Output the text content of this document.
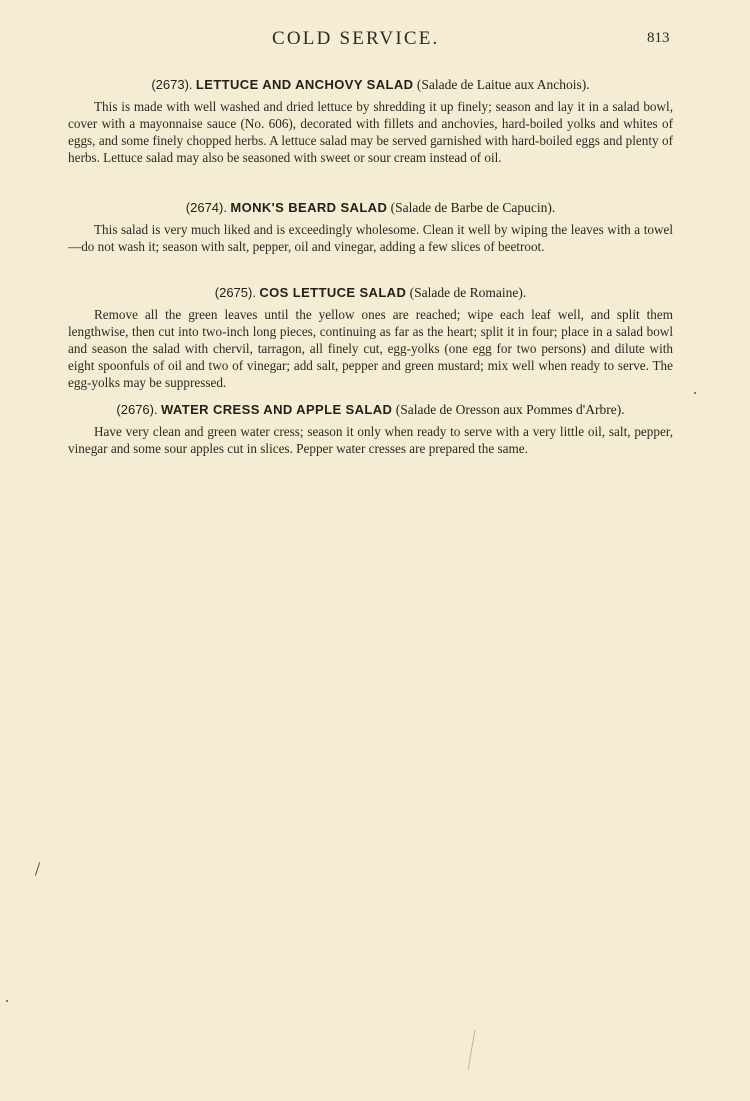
COLD SERVICE.	813

(2673). LETTUCE AND ANCHOVY SALAD (Salade de Laitue aux Anchois).

This is made with well washed and dried lettuce by shredding it up finely; season and lay it in a salad bowl, cover with a mayonnaise sauce (No. 606), decorated with fillets and anchovies, hard-boiled yolks and whites of eggs, and some finely chopped herbs. A lettuce salad may be served garnished with hard-boiled eggs and plenty of herbs. Lettuce salad may also be seasoned with sweet or sour cream instead of oil.

(2674). MONK'S BEARD SALAD (Salade de Barbe de Capucin).

This salad is very much liked and is exceedingly wholesome. Clean it well by wiping the leaves with a towel—do not wash it; season with salt, pepper, oil and vinegar, adding a few slices of beetroot.

(2675). COS LETTUCE SALAD (Salade de Romaine).

Remove all the green leaves until the yellow ones are reached; wipe each leaf well, and split them lengthwise, then cut into two-inch long pieces, continuing as far as the heart; split it in four; place in a salad bowl and season the salad with chervil, tarragon, all finely cut, egg-yolks (one egg for two persons) and dilute with eight spoonfuls of oil and two of vinegar; add salt, pepper and green mustard; mix well when ready to serve. The egg-yolks may be suppressed.

(2676). WATER CRESS AND APPLE SALAD (Salade de Oresson aux Pommes d'Arbre).

Have very clean and green water cress; season it only when ready to serve with a very little oil, salt, pepper, vinegar and some sour apples cut in slices. Pepper water cresses are prepared the same.
